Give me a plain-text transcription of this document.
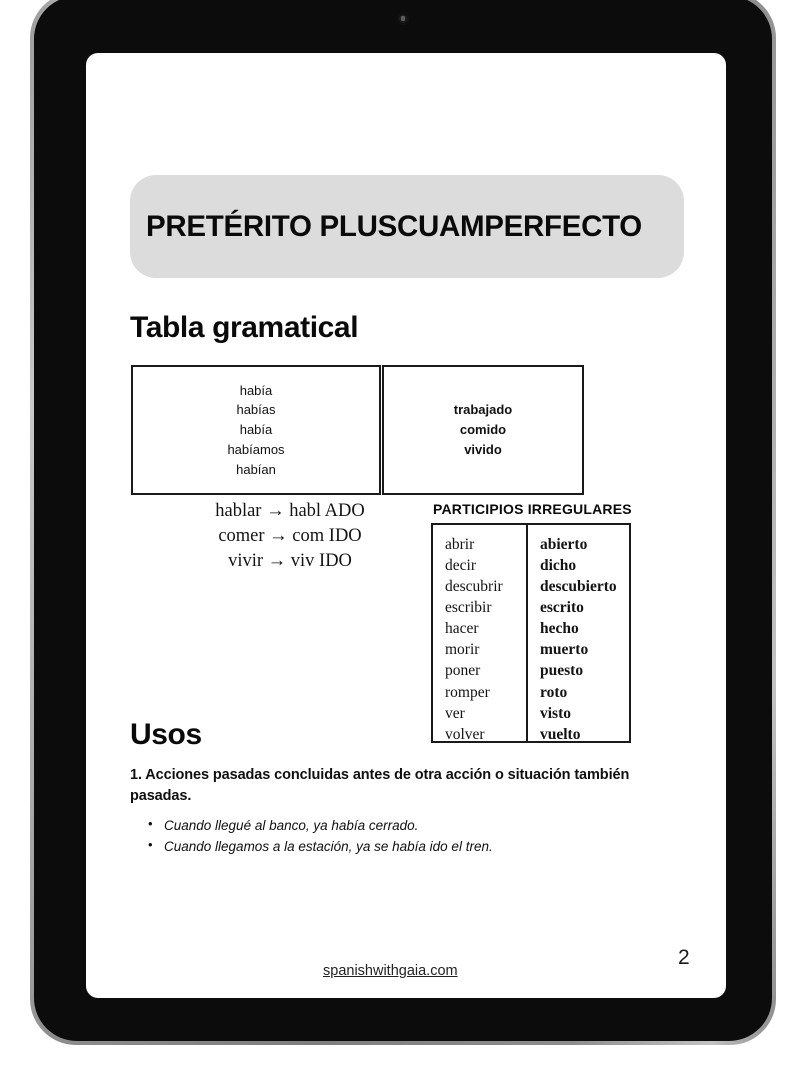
PRETÉRITO PLUSCUAMPERFECTO
Tabla gramatical
había
habías
había
habíamos
habían
trabajado
comido
vivido
hablar → habl ADO
comer → com IDO
vivir → viv IDO
PARTICIPIOS IRREGULARES
abrir
decir
descubrir
escribir
hacer
morir
poner
romper
ver
volver
abierto
dicho
descubierto
escrito
hecho
muerto
puesto
roto
visto
vuelto
Usos
1. Acciones pasadas concluidas antes de otra acción o situación también pasadas.
• Cuando llegué al banco, ya había cerrado.
• Cuando llegamos a la estación, ya se había ido el tren.
spanishwithgaia.com
2
